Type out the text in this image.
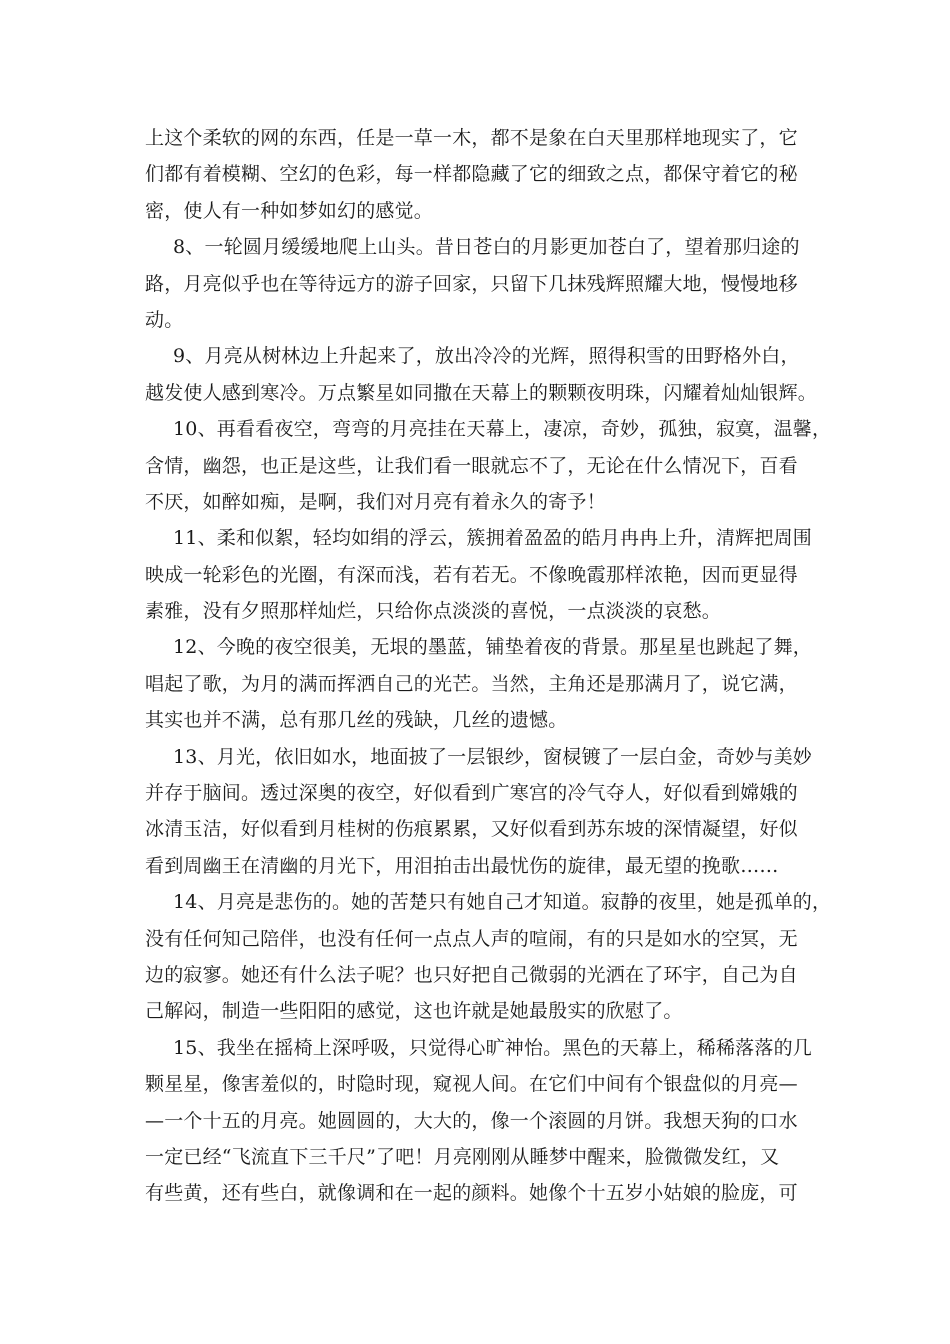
上这个柔软的网的东西，任是一草一木，都不是象在白天里那样地现实了，它
们都有着模糊、空幻的色彩，每一样都隐藏了它的细致之点，都保守着它的秘
密，使人有一种如梦如幻的感觉。
8、一轮圆月缓缓地爬上山头。昔日苍白的月影更加苍白了，望着那归途的
路，月亮似乎也在等待远方的游子回家，只留下几抹残辉照耀大地，慢慢地移
动。
9、月亮从树林边上升起来了，放出冷冷的光辉，照得积雪的田野格外白，
越发使人感到寒冷。万点繁星如同撒在天幕上的颗颗夜明珠，闪耀着灿灿银辉。
10、再看看夜空，弯弯的月亮挂在天幕上，凄凉，奇妙，孤独，寂寞，温馨，
含情，幽怨，也正是这些，让我们看一眼就忘不了，无论在什么情况下，百看
不厌，如醉如痴，是啊，我们对月亮有着永久的寄予！
11、柔和似絮，轻均如绢的浮云，簇拥着盈盈的皓月冉冉上升，清辉把周围
映成一轮彩色的光圈，有深而浅，若有若无。不像晚霞那样浓艳，因而更显得
素雅，没有夕照那样灿烂，只给你点淡淡的喜悦，一点淡淡的哀愁。
12、今晚的夜空很美，无垠的墨蓝，铺垫着夜的背景。那星星也跳起了舞，
唱起了歌，为月的满而挥洒自己的光芒。当然，主角还是那满月了，说它满，
其实也并不满，总有那几丝的残缺，几丝的遗憾。
13、月光，依旧如水，地面披了一层银纱，窗棂镀了一层白金，奇妙与美妙
并存于脑间。透过深奥的夜空，好似看到广寒宫的冷气夺人，好似看到嫦娥的
冰清玉洁，好似看到月桂树的伤痕累累，又好似看到苏东坡的深情凝望，好似
看到周幽王在清幽的月光下，用泪拍击出最忧伤的旋律，最无望的挽歌……
14、月亮是悲伤的。她的苦楚只有她自己才知道。寂静的夜里，她是孤单的，
没有任何知己陪伴，也没有任何一点点人声的喧闹，有的只是如水的空冥，无
边的寂寥。她还有什么法子呢？也只好把自己微弱的光洒在了环宇，自己为自
己解闷，制造一些阳阳的感觉，这也许就是她最殷实的欣慰了。
15、我坐在摇椅上深呼吸，只觉得心旷神怡。黑色的天幕上，稀稀落落的几
颗星星，像害羞似的，时隐时现，窥视人间。在它们中间有个银盘似的月亮—
—一个十五的月亮。她圆圆的，大大的，像一个滚圆的月饼。我想天狗的口水
一定已经“飞流直下三千尺”了吧！月亮刚刚从睡梦中醒来，脸微微发红，又
有些黄，还有些白，就像调和在一起的颜料。她像个十五岁小姑娘的脸庞，可
